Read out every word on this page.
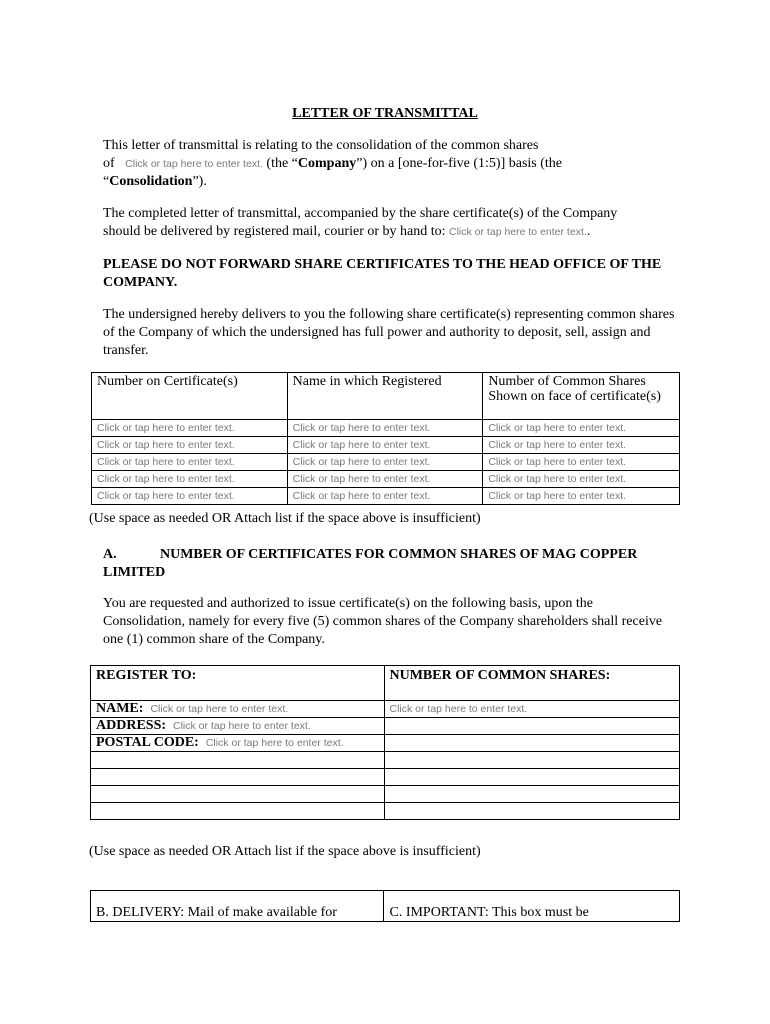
LETTER OF TRANSMITTAL
This letter of transmittal is relating to the consolidation of the common shares
of Click or tap here to enter text. (the “Company”) on a [one-for-five (1:5)] basis (the
“Consolidation”).
The completed letter of transmittal, accompanied by the share certificate(s) of the Company
should be delivered by registered mail, courier or by hand to: Click or tap here to enter text..
PLEASE DO NOT FORWARD SHARE CERTIFICATES TO THE HEAD OFFICE OF THE COMPANY.
The undersigned hereby delivers to you the following share certificate(s) representing common shares of the Company of which the undersigned has full power and authority to deposit, sell, assign and transfer.
Number on Certificate(s)	Name in which Registered	Number of Common Shares Shown on face of certificate(s)
Click or tap here to enter text.	Click or tap here to enter text.	Click or tap here to enter text.
Click or tap here to enter text.	Click or tap here to enter text.	Click or tap here to enter text.
Click or tap here to enter text.	Click or tap here to enter text.	Click or tap here to enter text.
Click or tap here to enter text.	Click or tap here to enter text.	Click or tap here to enter text.
Click or tap here to enter text.	Click or tap here to enter text.	Click or tap here to enter text.
(Use space as needed OR Attach list if the space above is insufficient)
A.	NUMBER OF CERTIFICATES FOR COMMON SHARES OF MAG COPPER LIMITED
You are requested and authorized to issue certificate(s) on the following basis, upon the Consolidation, namely for every five (5) common shares of the Company shareholders shall receive one (1) common share of the Company.
REGISTER TO:	NUMBER OF COMMON SHARES:
NAME: Click or tap here to enter text.	Click or tap here to enter text.
ADDRESS: Click or tap here to enter text.	
POSTAL CODE: Click or tap here to enter text.	

(Use space as needed OR Attach list if the space above is insufficient)
B. DELIVERY: Mail of make available for	C. IMPORTANT: This box must be
